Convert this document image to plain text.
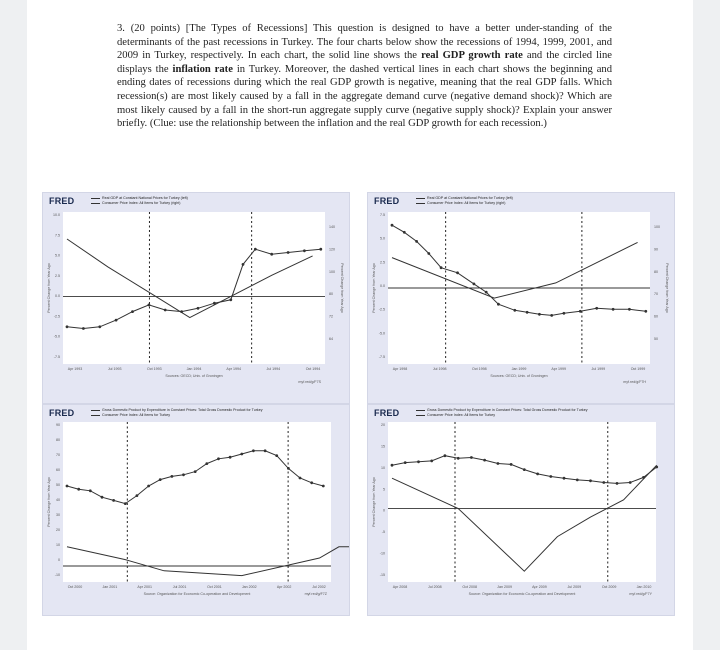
3. (20 points) [The Types of Recessions] This question is designed to have a better under-standing of the determinants of the past recessions in Turkey. The four charts below show the recessions of 1994, 1999, 2001, and 2009 in Turkey, respectively. In each chart, the solid line shows the real GDP growth rate and the circled line displays the inflation rate in Turkey. Moreover, the dashed vertical lines in each chart shows the beginning and ending dates of recessions during which the real GDP growth is negative, meaning that the real GDP falls. Which recession(s) are most likely caused by a fall in the aggregate demand curve (negative demand shock)? Which are most likely caused by a fall in the short-run aggregate supply curve (negative supply shock)? Explain your answer briefly. (Clue: use the relationship between the inflation and the real GDP growth for each recession.)
FRED	Real GDP at Constant National Prices for Turkey (left)
Consumer Price Index: All Items for Turkey (right)
10.0
7.5
5.0
2.5
0.0
-2.5
-5.0
-7.5
140
120
100
80
72
64
Percent Change from Year Ago
Percent Change from Year Ago
Apr 1993	Jul 1993	Oct 1993	Jan 1994	Apr 1994	Jul 1994	Oct 1994
Sources: OECD; Univ. of Groningen
myf.red/g/F7S
FRED	Real GDP at Constant National Prices for Turkey (left)
Consumer Price Index: All Items for Turkey (right)
7.5
5.0
2.5
0.0
-2.5
-5.0
-7.5
100
90
80
70
60
50
Percent Change from Year Ago
Percent Change from Year Ago
Apr 1998	Jul 1998	Oct 1998	Jan 1999	Apr 1999	Jul 1999	Oct 1999
Sources: OECD; Univ. of Groningen
myf.red/g/F7H
FRED	Gross Domestic Product by Expenditure in Constant Prices: Total Gross Domestic Product for Turkey
Consumer Price Index: All Items for Turkey
90
80
70
60
50
40
30
20
10
0
-10
Percent Change from Year Ago
Oct 2000	Jan 2001	Apr 2001	Jul 2001	Oct 2001	Jan 2002	Apr 2002	Jul 2002
Source: Organization for Economic Co-operation and Development	myf.red/g/F7Z
FRED	Gross Domestic Product by Expenditure in Constant Prices: Total Gross Domestic Product for Turkey
Consumer Price Index: All Items for Turkey
20
15
10
5
0
-5
-10
-15
Percent Change from Year Ago
Apr 2008	Jul 2008	Oct 2008	Jan 2009	Apr 2009	Jul 2009	Oct 2009	Jan 2010
Source: Organization for Economic Co-operation and Development	myf.red/g/F7Y
